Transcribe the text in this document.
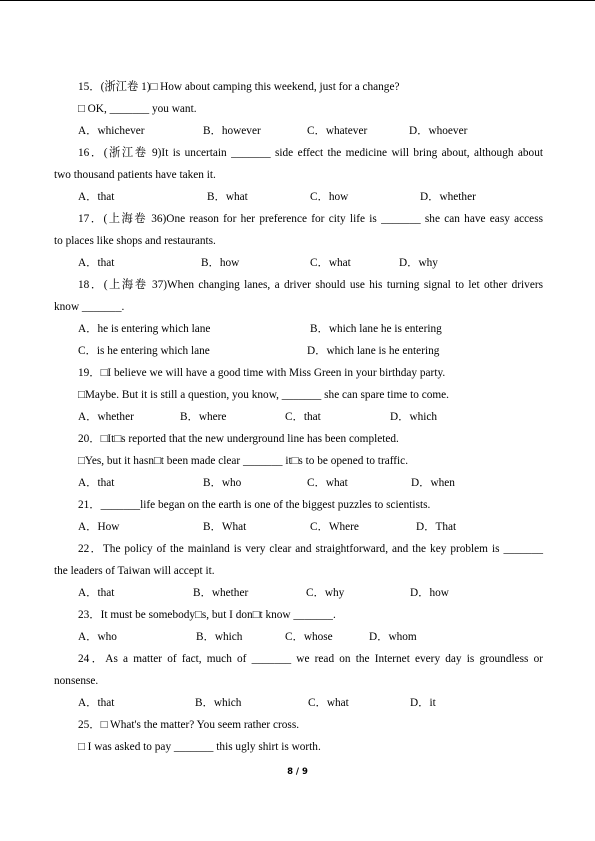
15．(浙江卷 1)□ How about camping this weekend, just for a change?
□ OK, _______ you want.
A．whichever	B．however	C．whatever	D．whoever
16．(浙江卷 9)It is uncertain _______ side effect the medicine will bring about, although about
two thousand patients have taken it.
A．that	B．what	C．how	D．whether
17．(上海卷 36)One reason for her preference for city life is _______ she can have easy access
to places like shops and restaurants.
A．that	B．how	C．what	D．why
18．(上海卷 37)When changing lanes, a driver should use his turning signal to let other drivers
know _______.
A．he is entering which lane	B．which lane he is entering
C．is he entering which lane	D．which lane is he entering
19．□I believe we will have a good time with Miss Green in your birthday party.
□Maybe. But it is still a question, you know, _______ she can spare time to come.
A．whether	B．where	C．that	D．which
20．□It□s reported that the new underground line has been completed.
□Yes, but it hasn□t been made clear _______ it□s to be opened to traffic.
A．that	B．who	C．what	D．when
21．_______life began on the earth is one of the biggest puzzles to scientists.
A．How	B．What	C．Where	D．That
22．The policy of the mainland is very clear and straightforward, and the key problem is _______
the leaders of Taiwan will accept it.
A．that	B．whether	C．why	D．how
23．It must be somebody□s, but I don□t know _______.
A．who	B．which	C．whose	D．whom
24．As a matter of fact, much of _______ we read on the Internet every day is groundless or
nonsense.
A．that	B．which	C．what	D．it
25．□ What's the matter? You seem rather cross.
□ I was asked to pay _______ this ugly shirt is worth.
8 / 9
